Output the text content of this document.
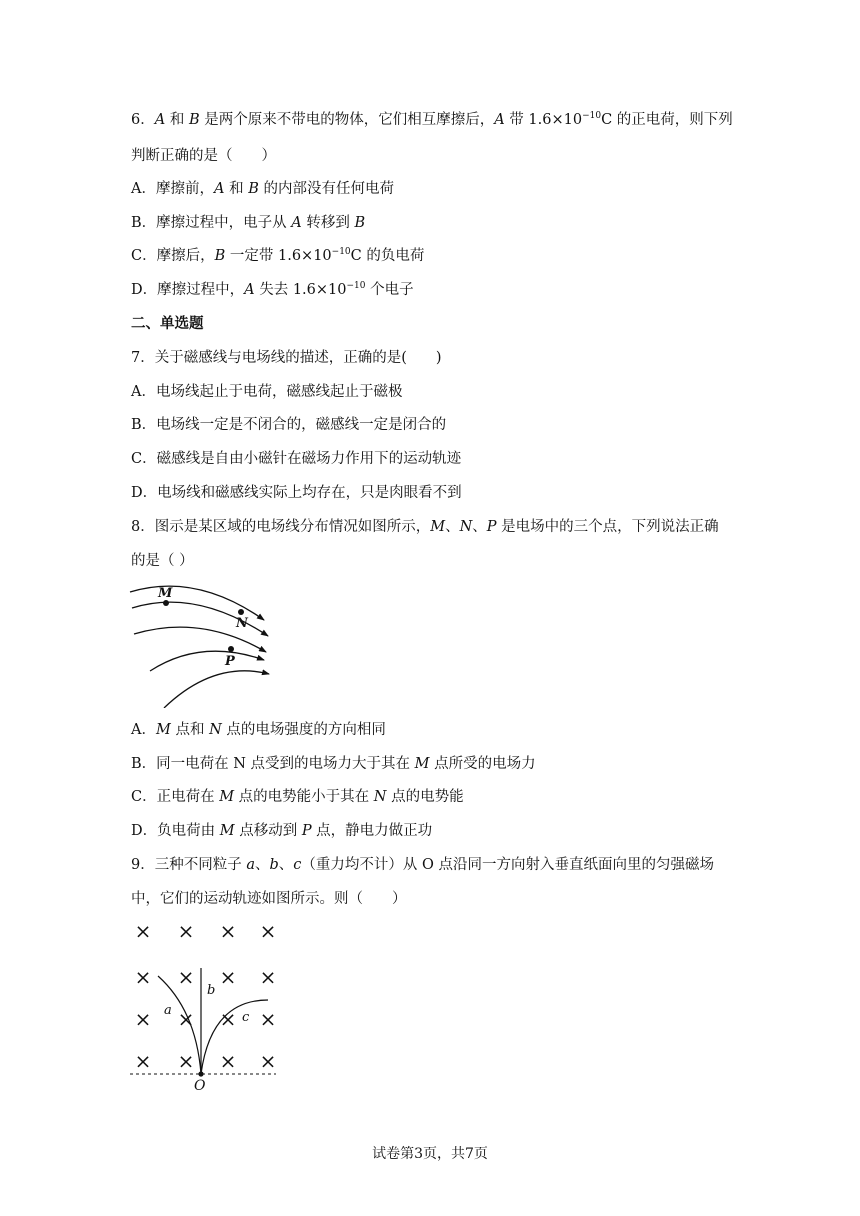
6．A 和 B 是两个原来不带电的物体，它们相互摩擦后，A 带 $1.6\times 10^{-10}C$ 的正电荷，则下列
判断正确的是（　　）
A．摩擦前，A 和 B 的内部没有任何电荷
B．摩擦过程中，电子从 A 转移到 B
C．摩擦后，B 一定带 $1.6\times 10^{-10}C$ 的负电荷
D．摩擦过程中，A 失去 $1.6\times 10^{-10}$ 个电子
二、单选题
7．关于磁感线与电场线的描述，正确的是(　　)
A．电场线起止于电荷，磁感线起止于磁极
B．电场线一定是不闭合的，磁感线一定是闭合的
C．磁感线是自由小磁针在磁场力作用下的运动轨迹
D．电场线和磁感线实际上均存在，只是肉眼看不到
8．图示是某区域的电场线分布情况如图所示，M、N、P 是电场中的三个点，下列说法正确
的是（ ）
M
N
P
A．M 点和 N 点的电场强度的方向相同
B．同一电荷在 N 点受到的电场力大于其在 M 点所受的电场力
C．正电荷在 M 点的电势能小于其在 N 点的电势能
D．负电荷由 M 点移动到 P 点，静电力做正功
9．三种不同粒子 a、b、c（重力均不计）从 O 点沿同一方向射入垂直纸面向里的匀强磁场
中，它们的运动轨迹如图所示。则（　　）
× × × ×
× × × ×
× × × ×
× × × ×
a
b
c
O
试卷第3页，共7页
